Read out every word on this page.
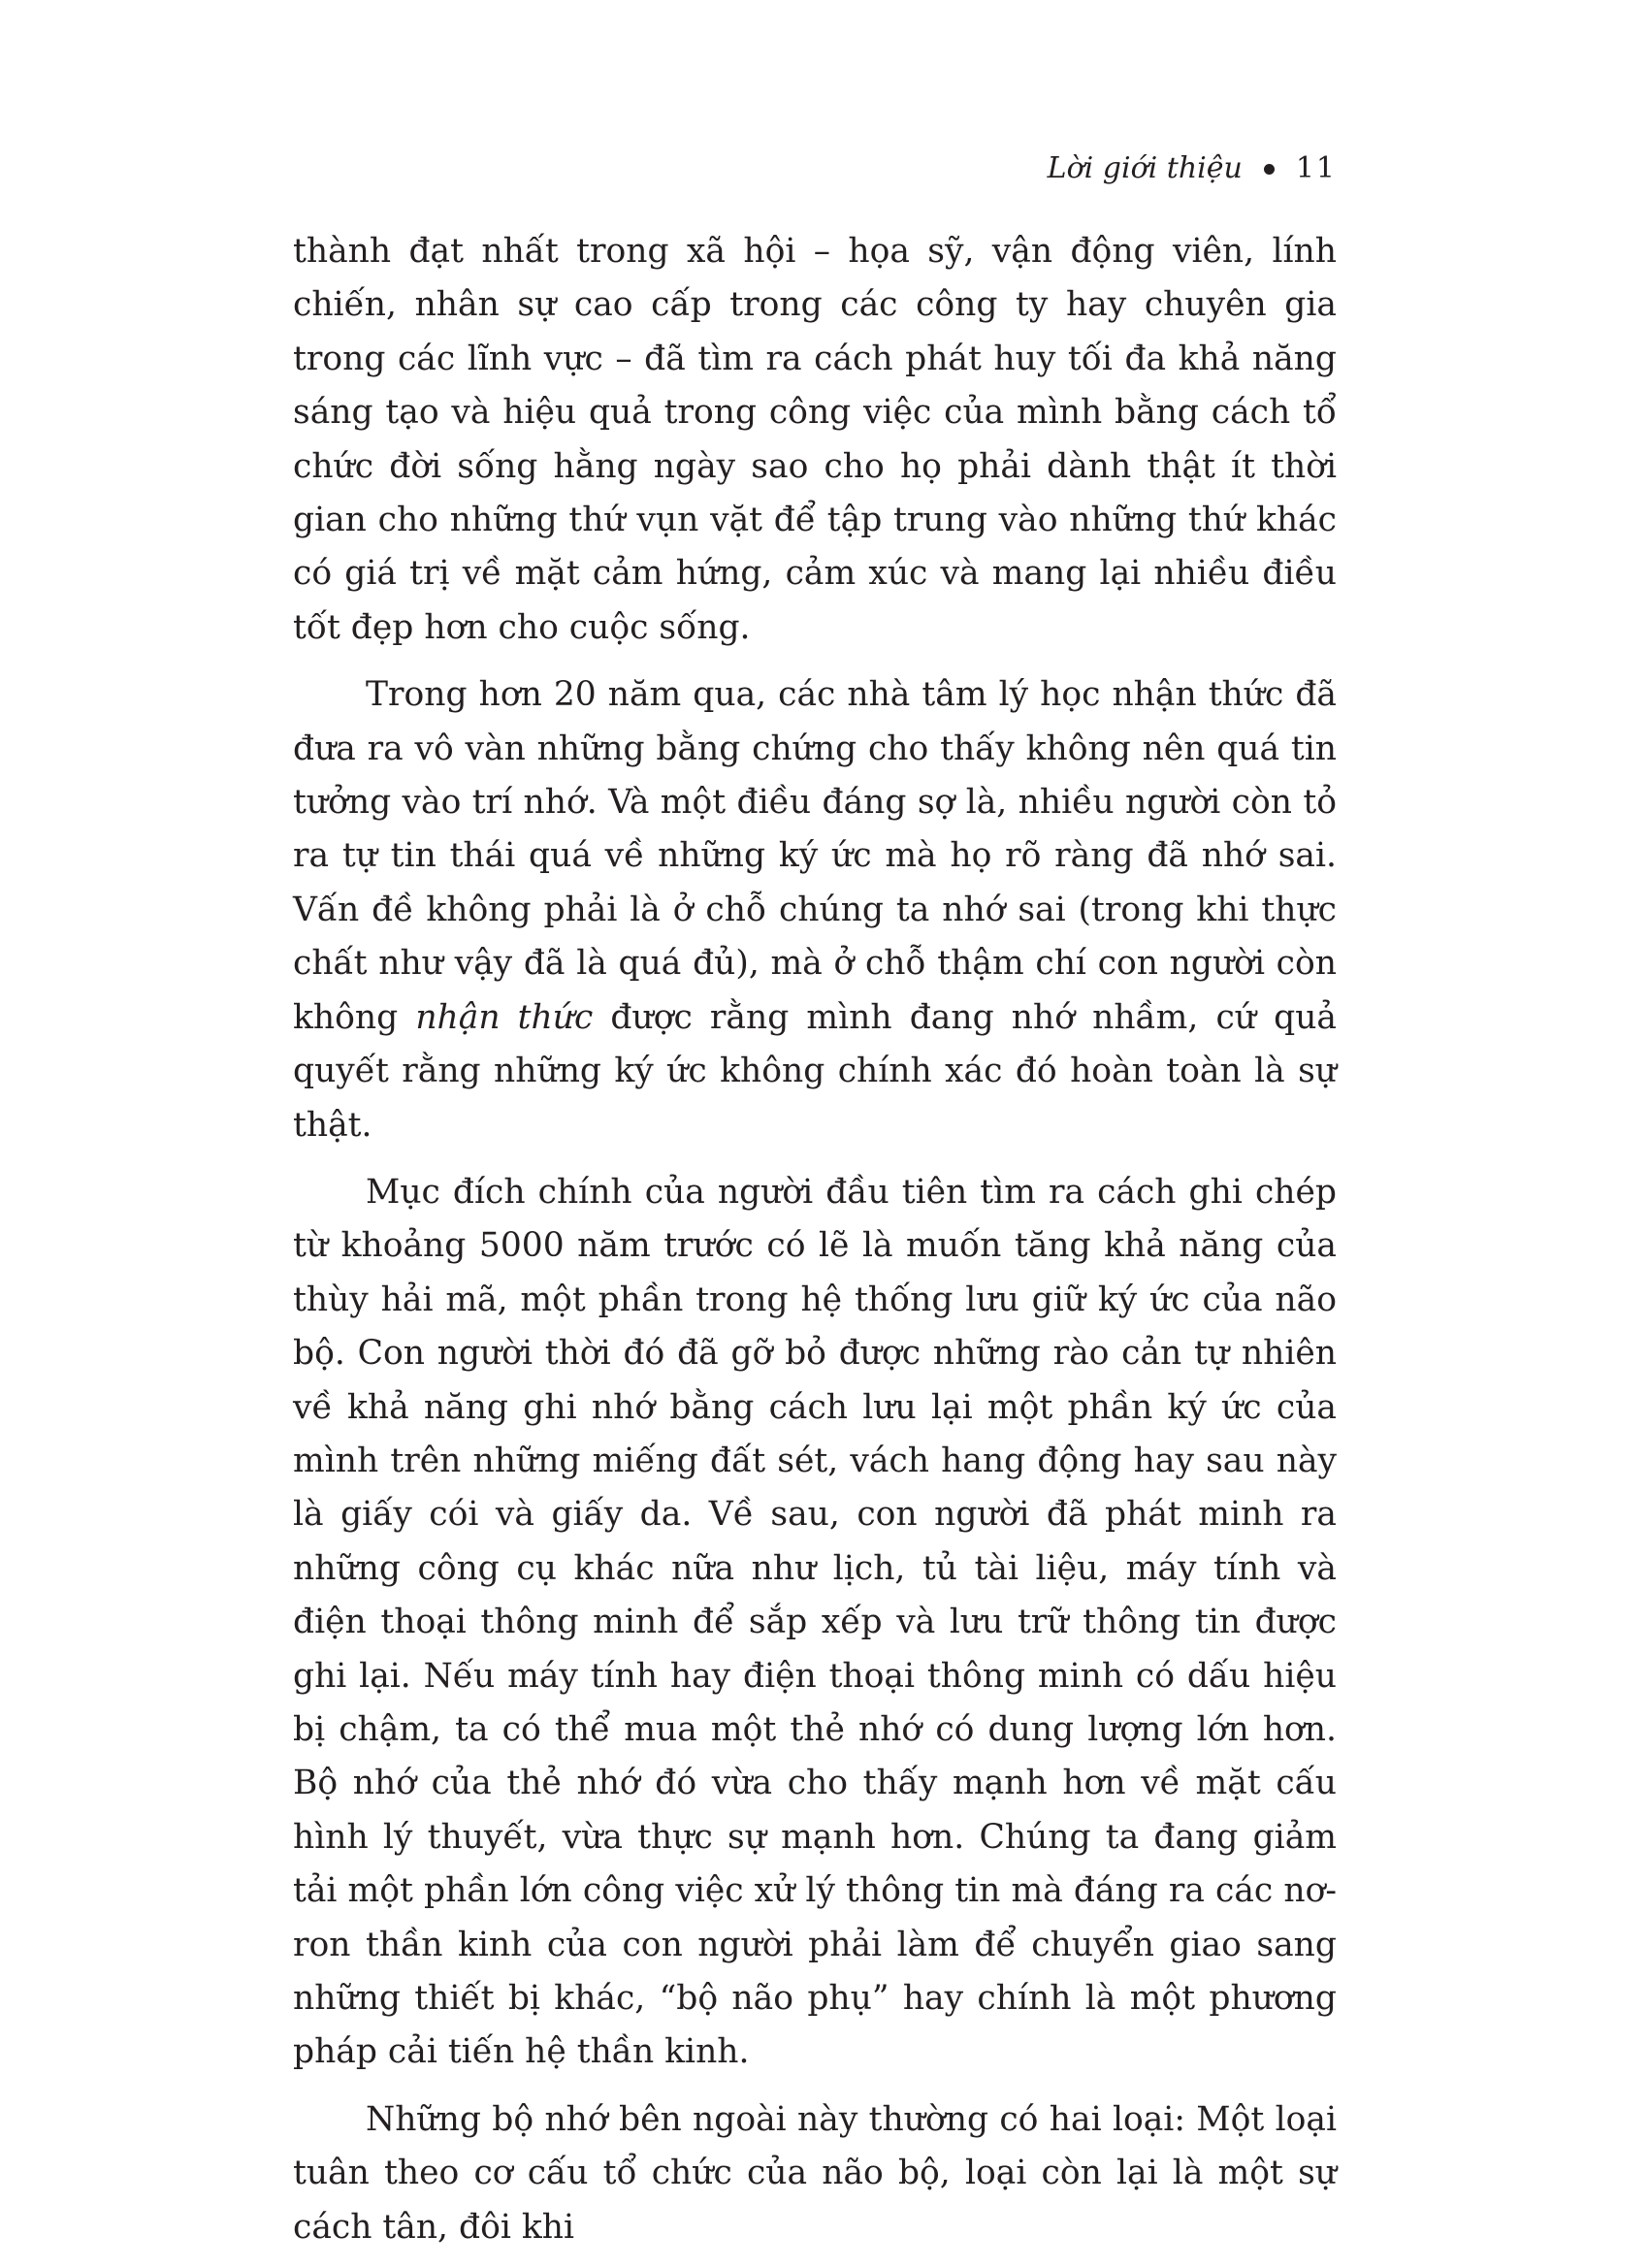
Lời giới thiệu 11

thành đạt nhất trong xã hội – họa sỹ, vận động viên, lính chiến, nhân sự cao cấp trong các công ty hay chuyên gia trong các lĩnh vực – đã tìm ra cách phát huy tối đa khả năng sáng tạo và hiệu quả trong công việc của mình bằng cách tổ chức đời sống hằng ngày sao cho họ phải dành thật ít thời gian cho những thứ vụn vặt để tập trung vào những thứ khác có giá trị về mặt cảm hứng, cảm xúc và mang lại nhiều điều tốt đẹp hơn cho cuộc sống.

Trong hơn 20 năm qua, các nhà tâm lý học nhận thức đã đưa ra vô vàn những bằng chứng cho thấy không nên quá tin tưởng vào trí nhớ. Và một điều đáng sợ là, nhiều người còn tỏ ra tự tin thái quá về những ký ức mà họ rõ ràng đã nhớ sai. Vấn đề không phải là ở chỗ chúng ta nhớ sai (trong khi thực chất như vậy đã là quá đủ), mà ở chỗ thậm chí con người còn không nhận thức được rằng mình đang nhớ nhầm, cứ quả quyết rằng những ký ức không chính xác đó hoàn toàn là sự thật.

Mục đích chính của người đầu tiên tìm ra cách ghi chép từ khoảng 5000 năm trước có lẽ là muốn tăng khả năng của thùy hải mã, một phần trong hệ thống lưu giữ ký ức của não bộ. Con người thời đó đã gỡ bỏ được những rào cản tự nhiên về khả năng ghi nhớ bằng cách lưu lại một phần ký ức của mình trên những miếng đất sét, vách hang động hay sau này là giấy cói và giấy da. Về sau, con người đã phát minh ra những công cụ khác nữa như lịch, tủ tài liệu, máy tính và điện thoại thông minh để sắp xếp và lưu trữ thông tin được ghi lại. Nếu máy tính hay điện thoại thông minh có dấu hiệu bị chậm, ta có thể mua một thẻ nhớ có dung lượng lớn hơn. Bộ nhớ của thẻ nhớ đó vừa cho thấy mạnh hơn về mặt cấu hình lý thuyết, vừa thực sự mạnh hơn. Chúng ta đang giảm tải một phần lớn công việc xử lý thông tin mà đáng ra các nơ-ron thần kinh của con người phải làm để chuyển giao sang những thiết bị khác, “bộ não phụ” hay chính là một phương pháp cải tiến hệ thần kinh.

Những bộ nhớ bên ngoài này thường có hai loại: Một loại tuân theo cơ cấu tổ chức của não bộ, loại còn lại là một sự cách tân, đôi khi
